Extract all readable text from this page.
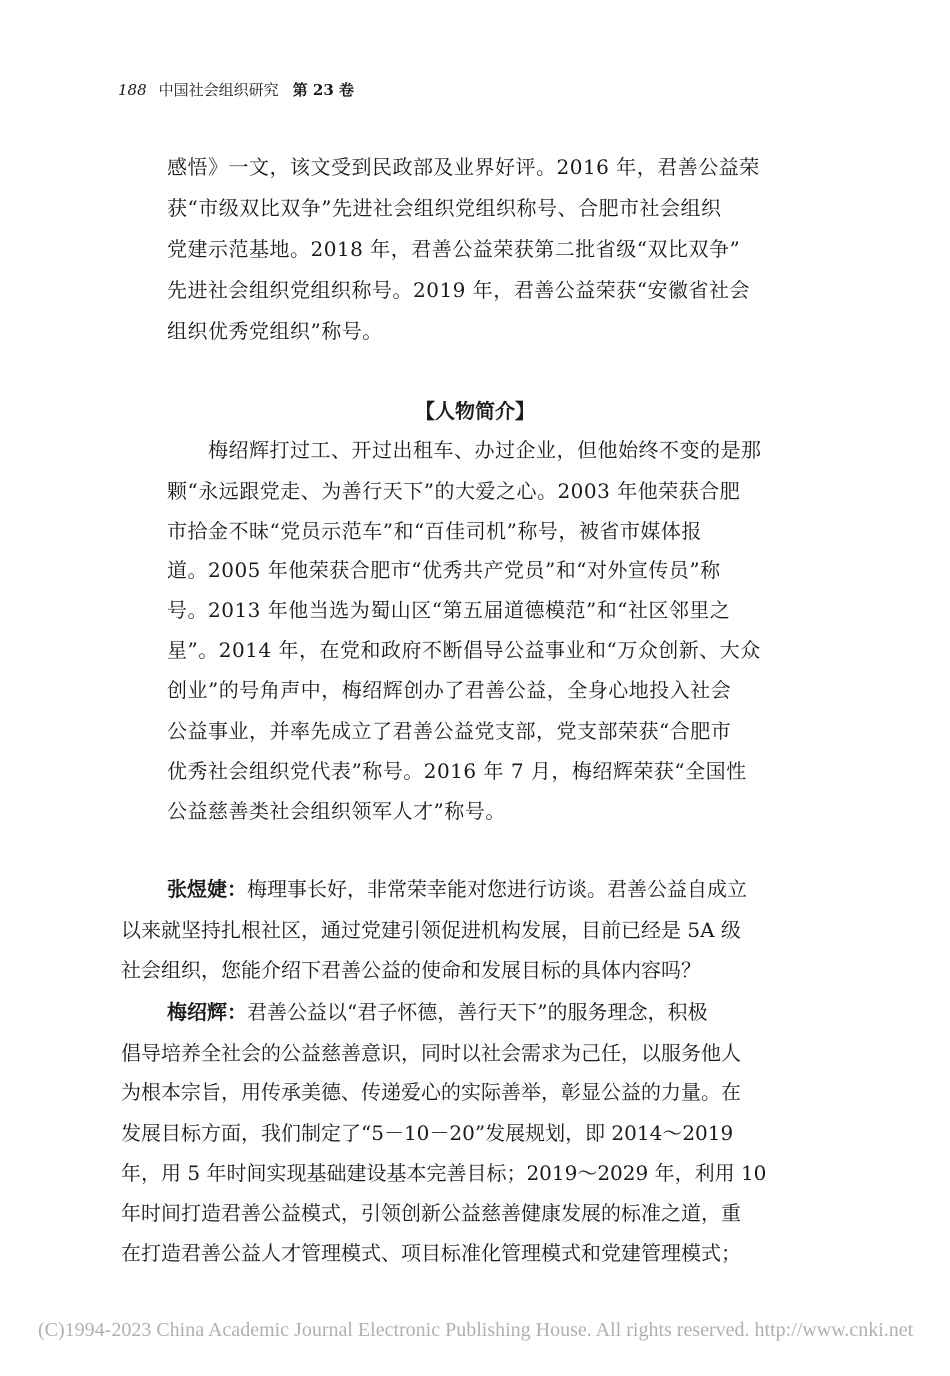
188 中国社会组织研究 第 23 卷
感悟》一文，该文受到民政部及业界好评。2016 年，君善公益荣
获“市级双比双争”先进社会组织党组织称号、合肥市社会组织
党建示范基地。2018 年，君善公益荣获第二批省级“双比双争”
先进社会组织党组织称号。2019 年，君善公益荣获“安徽省社会
组织优秀党组织”称号。
【人物简介】
梅绍辉打过工、开过出租车、办过企业，但他始终不变的是那
颗“永远跟党走、为善行天下”的大爱之心。2003 年他荣获合肥
市拾金不昧“党员示范车”和“百佳司机”称号，被省市媒体报
道。2005 年他荣获合肥市“优秀共产党员”和“对外宣传员”称
号。2013 年他当选为蜀山区“第五届道德模范”和“社区邻里之
星”。2014 年，在党和政府不断倡导公益事业和“万众创新、大众
创业”的号角声中，梅绍辉创办了君善公益，全身心地投入社会
公益事业，并率先成立了君善公益党支部，党支部荣获“合肥市
优秀社会组织党代表”称号。2016 年 7 月，梅绍辉荣获“全国性
公益慈善类社会组织领军人才”称号。
张煜婕：梅理事长好，非常荣幸能对您进行访谈。君善公益自成立
以来就坚持扎根社区，通过党建引领促进机构发展，目前已经是 5A 级
社会组织，您能介绍下君善公益的使命和发展目标的具体内容吗？
梅绍辉：君善公益以“君子怀德，善行天下”的服务理念，积极
倡导培养全社会的公益慈善意识，同时以社会需求为己任，以服务他人
为根本宗旨，用传承美德、传递爱心的实际善举，彰显公益的力量。在
发展目标方面，我们制定了“5－10－20”发展规划，即 2014～2019
年，用 5 年时间实现基础建设基本完善目标；2019～2029 年，利用 10
年时间打造君善公益模式，引领创新公益慈善健康发展的标准之道，重
在打造君善公益人才管理模式、项目标准化管理模式和党建管理模式；
(C)1994-2023 China Academic Journal Electronic Publishing House. All rights reserved. http://www.cnki.net
